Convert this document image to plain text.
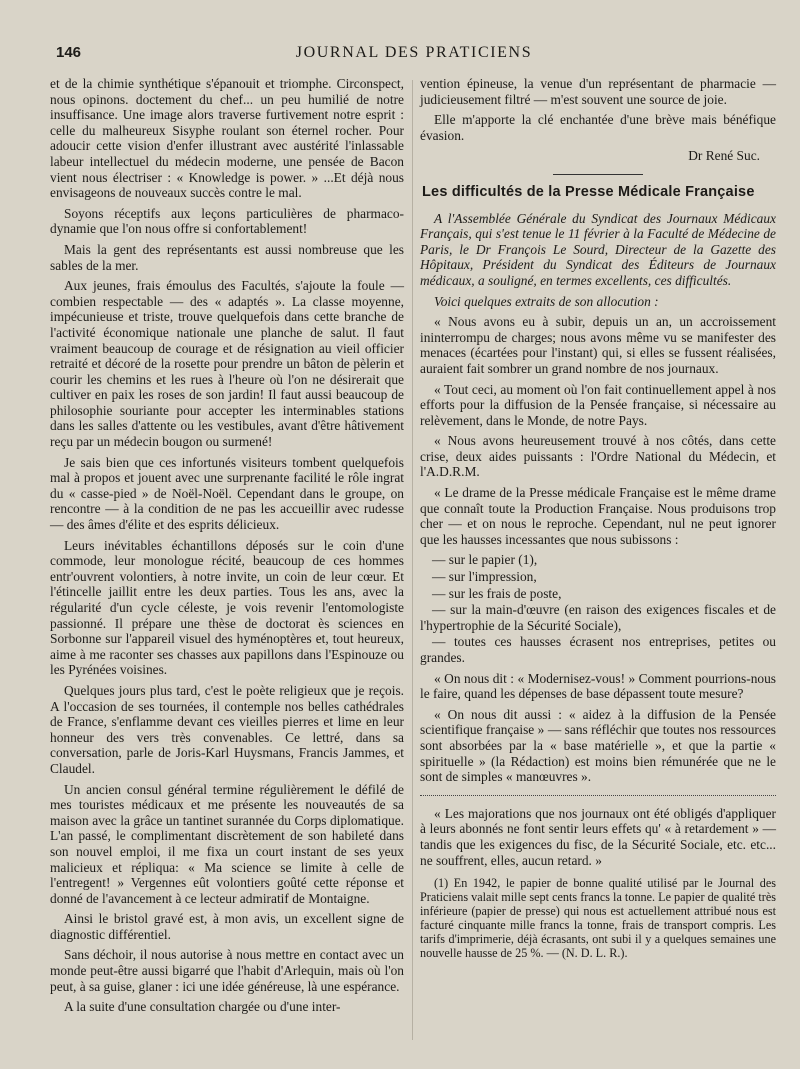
146	JOURNAL DES PRATICIENS

et de la chimie synthétique s'épanouit et triomphe. Circonspect, nous opinons. doctement du chef... un peu humilié de notre insuffisance. Une image alors traverse furtivement notre esprit : celle du malheureux Sisyphe roulant son éternel rocher. Pour adoucir cette vision d'enfer illustrant avec austérité l'inlassable labeur intellectuel du médecin moderne, une pensée de Bacon vient nous électriser : « Knowledge is power. » ...Et déjà nous envisageons de nouveaux succès contre le mal.

Soyons réceptifs aux leçons particulières de pharmaco-dynamie que l'on nous offre si confortablement!

Mais la gent des représentants est aussi nombreuse que les sables de la mer.

Aux jeunes, frais émoulus des Facultés, s'ajoute la foule — combien respectable — des « adaptés ». La classe moyenne, impécunieuse et triste, trouve quelquefois dans cette branche de l'activité économique nationale une planche de salut. Il faut vraiment beaucoup de courage et de résignation au vieil officier retraité et décoré de la rosette pour prendre un bâton de pèlerin et courir les chemins et les rues à l'heure où l'on ne désirerait que cultiver en paix les roses de son jardin! Il faut aussi beaucoup de philosophie souriante pour accepter les interminables stations dans les salles d'attente ou les vestibules, avant d'être hâtivement reçu par un médecin bougon ou surmené!

Je sais bien que ces infortunés visiteurs tombent quelquefois mal à propos et jouent avec une surprenante facilité le rôle ingrat du « casse-pied » de Noël-Noël. Cependant dans le groupe, on rencontre — à la condition de ne pas les accueillir avec rudesse — des âmes d'élite et des esprits délicieux.

Leurs inévitables échantillons déposés sur le coin d'une commode, leur monologue récité, beaucoup de ces hommes entr'ouvrent volontiers, à notre invite, un coin de leur cœur. Et l'étincelle jaillit entre les deux parties. Tous les ans, avec la régularité d'un cycle céleste, je vois revenir l'entomologiste passionné. Il prépare une thèse de doctorat ès sciences en Sorbonne sur l'appareil visuel des hyménoptères et, tout heureux, aime à me raconter ses chasses aux papillons dans l'Espinouze ou les Pyrénées voisines.

Quelques jours plus tard, c'est le poète religieux que je reçois. A l'occasion de ses tournées, il contemple nos belles cathédrales de France, s'enflamme devant ces vieilles pierres et lime en leur honneur des vers très convenables. Ce lettré, dans sa conversation, parle de Joris-Karl Huysmans, Francis Jammes, et Claudel.

Un ancien consul général termine régulièrement le défilé de mes touristes médicaux et me présente les nouveautés de sa maison avec la grâce un tantinet surannée du Corps diplomatique. L'an passé, le complimentant discrètement de son habileté dans son nouvel emploi, il me fixa un court instant de ses yeux malicieux et répliqua: « Ma science se limite à celle de l'entregent! » Vergennes eût volontiers goûté cette réponse et donné de l'avancement à ce lecteur admiratif de Montaigne.

Ainsi le bristol gravé est, à mon avis, un excellent signe de diagnostic différentiel.

Sans déchoir, il nous autorise à nous mettre en contact avec un monde peut-être aussi bigarré que l'habit d'Arlequin, mais où l'on peut, à sa guise, glaner : ici une idée généreuse, là une espérance.

A la suite d'une consultation chargée ou d'une inter-

vention épineuse, la venue d'un représentant de pharmacie — judicieusement filtré — m'est souvent une source de joie.

Elle m'apporte la clé enchantée d'une brève mais bénéfique évasion.

Dr René Suc.
Les difficultés de la Presse Médicale Française

A l'Assemblée Générale du Syndicat des Journaux Médicaux Français, qui s'est tenue le 11 février à la Faculté de Médecine de Paris, le Dr François Le Sourd, Directeur de la Gazette des Hôpitaux, Président du Syndicat des Éditeurs de Journaux médicaux, a souligné, en termes excellents, ces difficultés.

Voici quelques extraits de son allocution :

« Nous avons eu à subir, depuis un an, un accroissement ininterrompu de charges; nous avons même vu se manifester des menaces (écartées pour l'instant) qui, si elles se fussent réalisées, auraient fait sombrer un grand nombre de nos journaux.

« Tout ceci, au moment où l'on fait continuellement appel à nos efforts pour la diffusion de la Pensée française, si nécessaire au relèvement, dans le Monde, de notre Pays.

« Nous avons heureusement trouvé à nos côtés, dans cette crise, deux aides puissants : l'Ordre National du Médecin, et l'A.D.R.M.

« Le drame de la Presse médicale Française est le même drame que connaît toute la Production Française. Nous produisons trop cher — et on nous le reproche. Cependant, nul ne peut ignorer que les hausses incessantes que nous subissons :

— sur le papier (1),
— sur l'impression,
— sur les frais de poste,
— sur la main-d'œuvre (en raison des exigences fiscales et de l'hypertrophie de la Sécurité Sociale),
— toutes ces hausses écrasent nos entreprises, petites ou grandes.

« On nous dit : « Modernisez-vous! » Comment pourrions-nous le faire, quand les dépenses de base dépassent toute mesure?

« On nous dit aussi : « aidez à la diffusion de la Pensée scientifique française » — sans réfléchir que toutes nos ressources sont absorbées par la « base matérielle », et que la partie « spirituelle » (la Rédaction) est moins bien rémunérée que ne le sont de simples « manœuvres ».

« Les majorations que nos journaux ont été obligés d'appliquer à leurs abonnés ne font sentir leurs effets qu' « à retardement » — tandis que les exigences du fisc, de la Sécurité Sociale, etc. etc... ne souffrent, elles, aucun retard. »

(1) En 1942, le papier de bonne qualité utilisé par le Journal des Praticiens valait mille sept cents francs la tonne. Le papier de qualité très inférieure (papier de presse) qui nous est actuellement attribué nous est facturé cinquante mille francs la tonne, frais de transport compris. Les tarifs d'imprimerie, déjà écrasants, ont subi il y a quelques semaines une nouvelle hausse de 25 %. — (N. D. L. R.).
